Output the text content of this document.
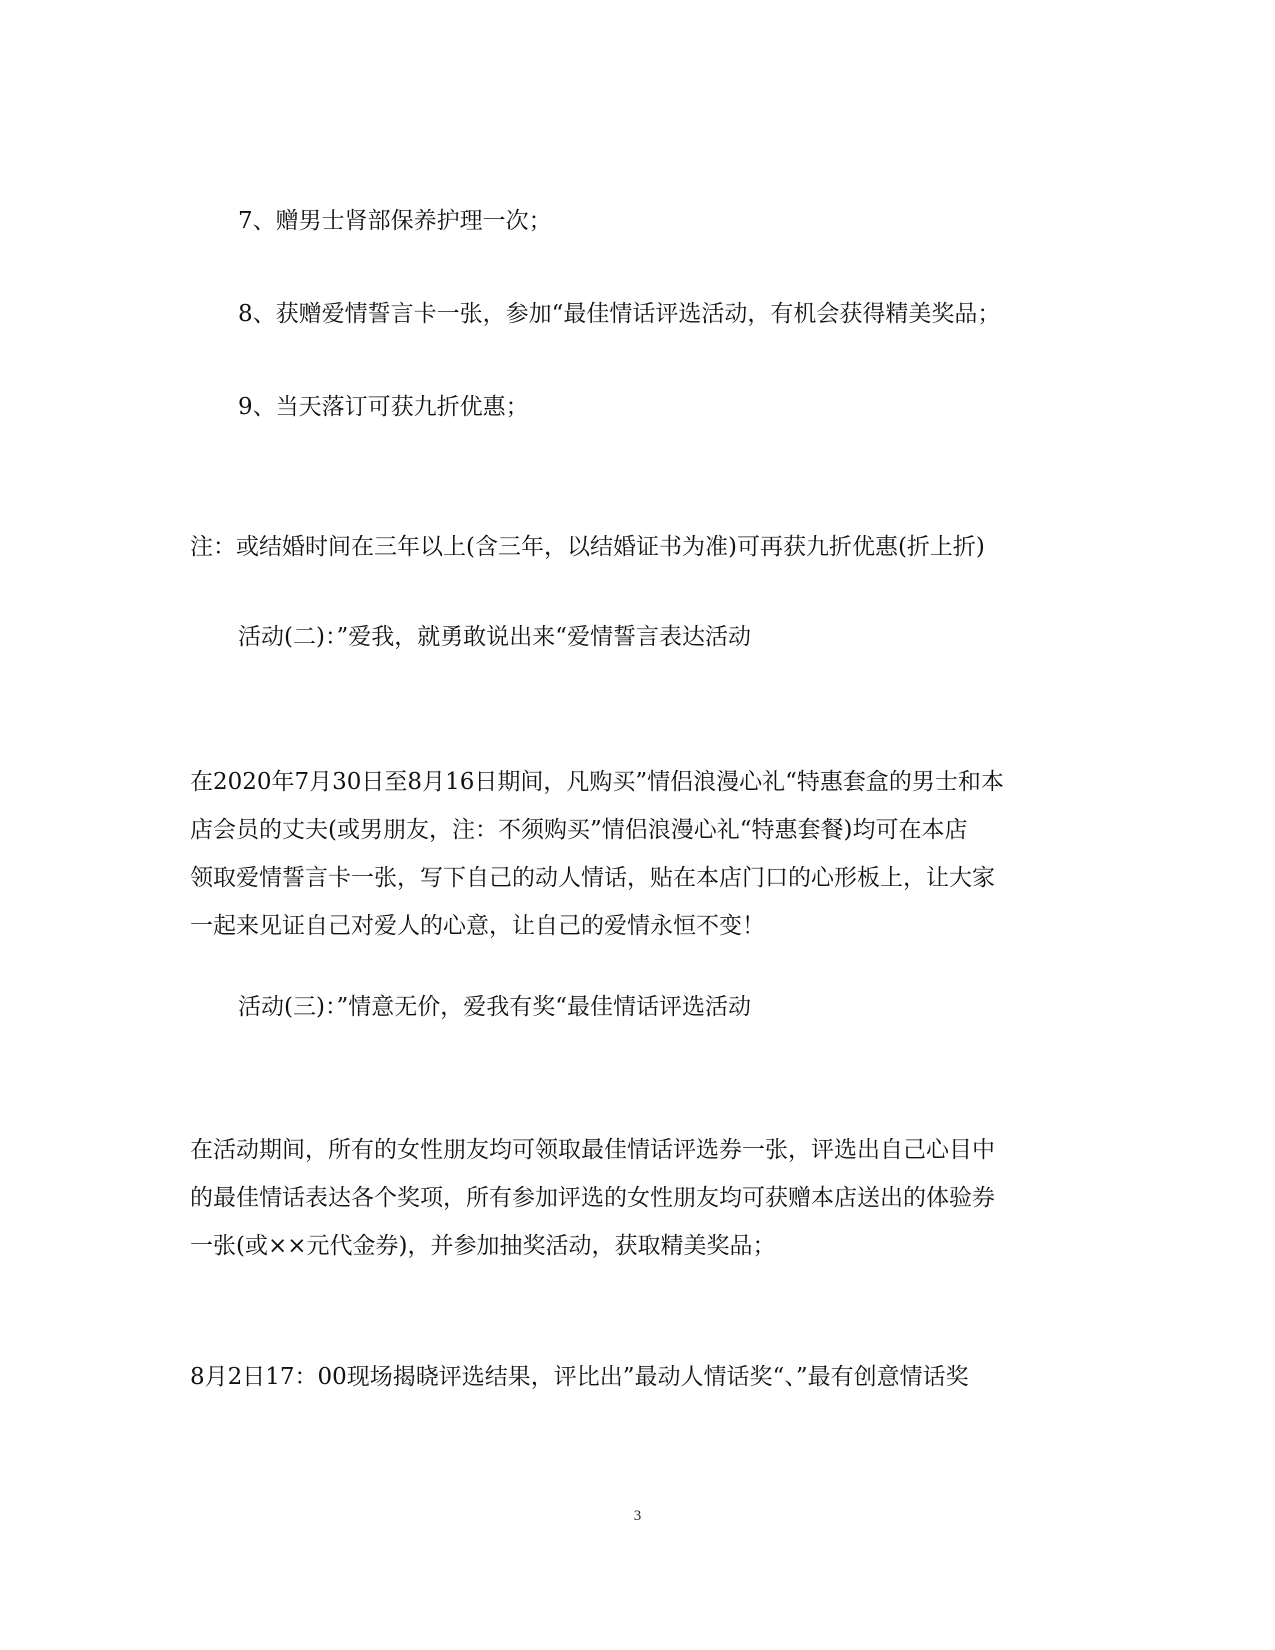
7、赠男士肾部保养护理一次；
8、获赠爱情誓言卡一张，参加“最佳情话评选活动，有机会获得精美奖品；
9、当天落订可获九折优惠；
注：或结婚时间在三年以上(含三年，以结婚证书为准)可再获九折优惠(折上折)
活动(二)：”爱我，就勇敢说出来“爱情誓言表达活动
在2020年7月30日至8月16日期间，凡购买”情侣浪漫心礼“特惠套盒的男士和本
店会员的丈夫(或男朋友，注：不须购买”情侣浪漫心礼“特惠套餐)均可在本店
领取爱情誓言卡一张，写下自己的动人情话，贴在本店门口的心形板上，让大家
一起来见证自己对爱人的心意，让自己的爱情永恒不变！
活动(三)：”情意无价，爱我有奖“最佳情话评选活动
在活动期间，所有的女性朋友均可领取最佳情话评选券一张，评选出自己心目中
的最佳情话表达各个奖项，所有参加评选的女性朋友均可获赠本店送出的体验券
一张(或××元代金券)，并参加抽奖活动，获取精美奖品；
8月2日17：00现场揭晓评选结果，评比出”最动人情话奖“、”最有创意情话奖
3
